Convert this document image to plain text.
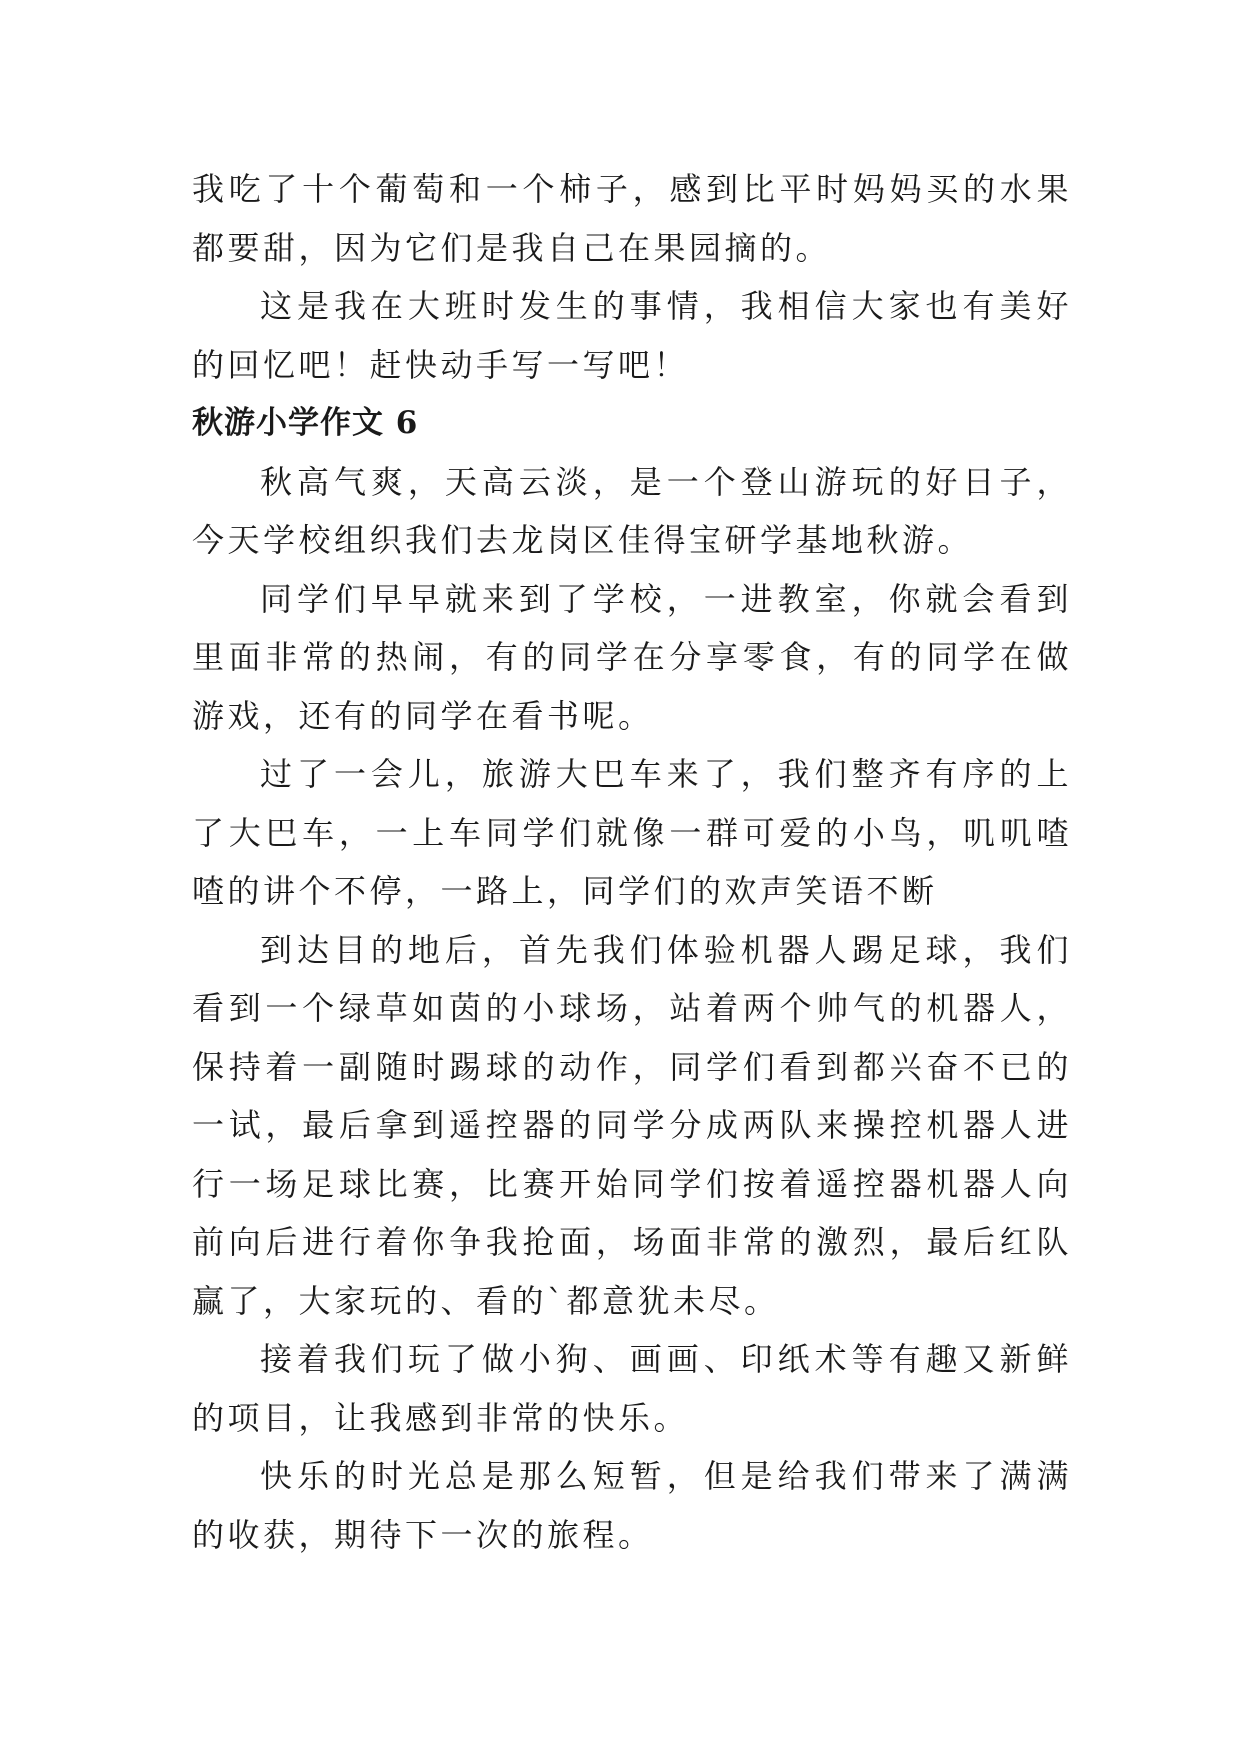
我吃了十个葡萄和一个柿子，感到比平时妈妈买的水果都要甜，因为它们是我自己在果园摘的。

这是我在大班时发生的事情，我相信大家也有美好的回忆吧！赶快动手写一写吧！

秋游小学作文 6

秋高气爽，天高云淡，是一个登山游玩的好日子，今天学校组织我们去龙岗区佳得宝研学基地秋游。

同学们早早就来到了学校，一进教室，你就会看到里面非常的热闹，有的同学在分享零食，有的同学在做游戏，还有的同学在看书呢。

过了一会儿，旅游大巴车来了，我们整齐有序的上了大巴车，一上车同学们就像一群可爱的小鸟，叽叽喳喳的讲个不停，一路上，同学们的欢声笑语不断

到达目的地后，首先我们体验机器人踢足球，我们看到一个绿草如茵的小球场，站着两个帅气的机器人，保持着一副随时踢球的动作，同学们看到都兴奋不已的一试，最后拿到遥控器的同学分成两队来操控机器人进行一场足球比赛，比赛开始同学们按着遥控器机器人向前向后进行着你争我抢面，场面非常的激烈，最后红队赢了，大家玩的、看的`都意犹未尽。

接着我们玩了做小狗、画画、印纸术等有趣又新鲜的项目，让我感到非常的快乐。

快乐的时光总是那么短暂，但是给我们带来了满满的收获，期待下一次的旅程。
